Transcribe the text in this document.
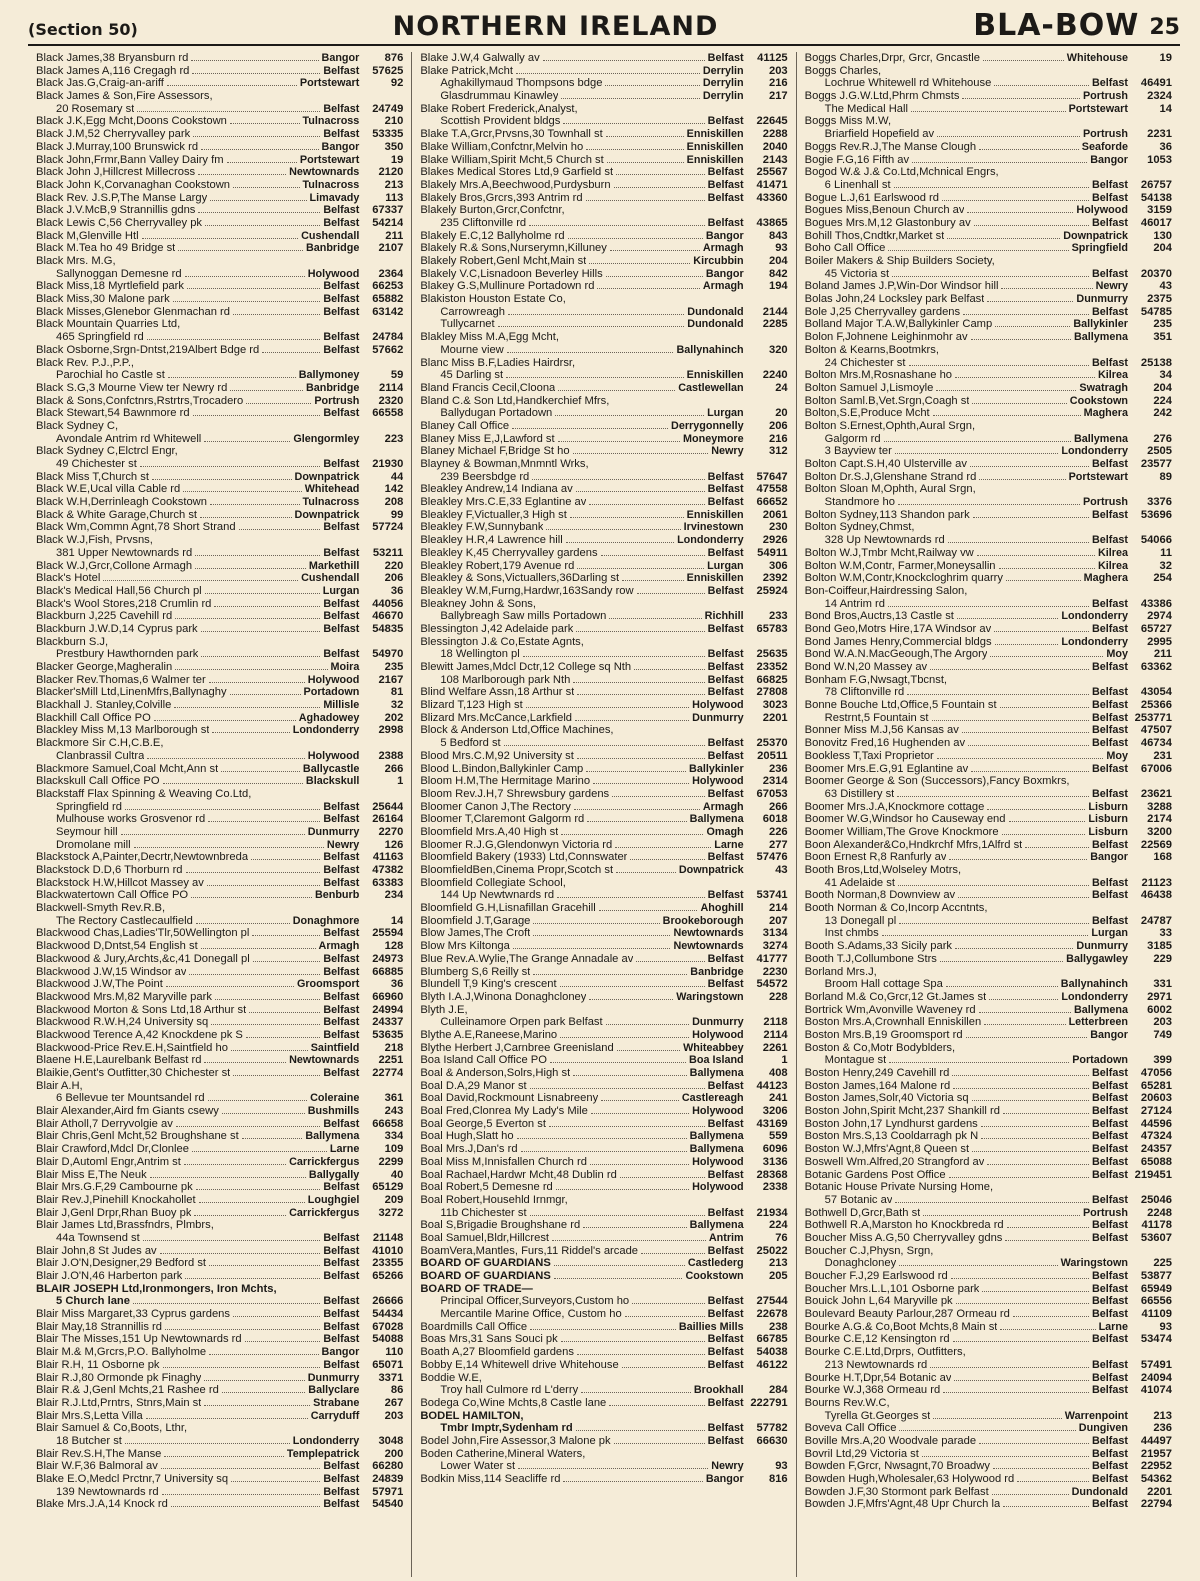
(Section 50)	NORTHERN IRELAND	BLA-BOW 25
Black James,38 Bryansburn rd	Bangor	876
Black James A,116 Cregagh rd	Belfast	57625
Black Jas.G,Craig-an-ariff	Portstewart	92
Black James & Son,Fire Assessors,
20 Rosemary st	Belfast	24749
Black J.K,Egg Mcht,Doons Cookstown	Tulnacross	210
Black J.M,52 Cherryvalley park	Belfast	53335
Black J.Murray,100 Brunswick rd	Bangor	350
Black John,Frmr,Bann Valley Dairy fm	Portstewart	19
Black John J,Hillcrest Millecross	Newtownards	2120
Black John K,Corvanaghan Cookstown	Tulnacross	213
Black Rev. J.S.P,The Manse Largy	Limavady	113
Black J.V.McB,9 Strannillis gdns	Belfast	67337
Black Lewis C,56 Cherryvalley pk	Belfast	54214
Black M,Glenville Htl	Cushendall	211
Black M.Tea ho 49 Bridge st	Banbridge	2107
Black Mrs. M.G,
Sallynoggan Demesne rd	Holywood	2364
Black Miss,18 Myrtlefield park	Belfast	66253
Black Miss,30 Malone park	Belfast	65882
Black Misses,Glenebor Glenmachan rd	Belfast	63142
Black Mountain Quarries Ltd,
465 Springfield rd	Belfast	24784
Black Osborne,Srgn-Dntst,219Albert Bdge rd	Belfast	57662
Black Rev. P.J.,P.P.,
Parochial ho Castle st	Ballymoney	59
Black S.G,3 Mourne View ter Newry rd	Banbridge	2114
Black & Sons,Confctnrs,Rstrtrs,Trocadero	Portrush	2320
Black Stewart,54 Bawnmore rd	Belfast	66558
Black Sydney C,
Avondale Antrim rd Whitewell	Glengormley	223
Black Sydney C,Elctrcl Engr,
49 Chichester st	Belfast	21930
Black Miss T,Church st	Downpatrick	44
Black W.E,Ucal villa Cable rd	Whitehead	142
Black W.H,Derrinleagh Cookstown	Tulnacross	208
Black & White Garage,Church st	Downpatrick	99
Black Wm,Commn Agnt,78 Short Strand	Belfast	57724
Black W.J,Fish, Prvsns,
381 Upper Newtownards rd	Belfast	53211
Black W.J,Grcr,Collone Armagh	Markethill	220
Black's Hotel	Cushendall	206
Black's Medical Hall,56 Church pl	Lurgan	36
Black's Wool Stores,218 Crumlin rd	Belfast	44056
Blackburn J,225 Cavehill rd	Belfast	46670
Blackburn J.W.D,14 Cyprus park	Belfast	54835
Blackburn S.J,
Prestbury Hawthornden park	Belfast	54970
Blacker George,Magheralin	Moira	235
Blacker Rev.Thomas,6 Walmer ter	Holywood	2167
Blacker'sMill Ltd,LinenMfrs,Ballynaghy	Portadown	81
Blackhall J. Stanley,Colville	Millisle	32
Blackhill Call Office PO	Aghadowey	202
Blackley Miss M,13 Marlborough st	Londonderry	2998
Blackmore Sir C.H,C.B.E,
Clanbrassil Cultra	Holywood	2388
Blackmore Samuel,Coal Mcht,Ann st	Ballycastle	266
Blackskull Call Office PO	Blackskull	1
Blackstaff Flax Spinning & Weaving Co.Ltd,
Springfield rd	Belfast	25644
Mulhouse works Grosvenor rd	Belfast	26164
Seymour hill	Dunmurry	2270
Dromolane mill	Newry	126
Blackstock A,Painter,Decrtr,Newtownbreda	Belfast	41163
Blackstock D.D,6 Thorburn rd	Belfast	47382
Blackstock H.W,Hillcot Massey av	Belfast	63383
Blackwatertown Call Office PO	Benburb	234
Blackwell-Smyth Rev.R.B,
The Rectory Castlecaulfield	Donaghmore	14
Blackwood Chas,Ladies'Tlr,50Wellington pl	Belfast	25594
Blackwood D,Dntst,54 English st	Armagh	128
Blackwood & Jury,Archts,&c,41 Donegall pl	Belfast	24973
Blackwood J.W,15 Windsor av	Belfast	66885
Blackwood J.W,The Point	Groomsport	36
Blackwood Mrs.M,82 Maryville park	Belfast	66960
Blackwood Morton & Sons Ltd,18 Arthur st	Belfast	24994
Blackwood R.W.H,24 University sq	Belfast	24337
Blackwood Terence A,42 Knockdene pk S	Belfast	53635
Blackwood-Price Rev.E.H,Saintfield ho	Saintfield	218
Blaene H.E,Laurelbank Belfast rd	Newtownards	2251
Blaikie,Gent's Outfitter,30 Chichester st	Belfast	22774
Blair A.H,
6 Bellevue ter Mountsandel rd	Coleraine	361
Blair Alexander,Aird fm Giants csewy	Bushmills	243
Blair Atholl,7 Derryvolgie av	Belfast	66658
Blair Chris,Genl Mcht,52 Broughshane st	Ballymena	334
Blair Crawford,Mdcl Dr,Clonlee	Larne	109
Blair D,Automl Engr,Antrim st	Carrickfergus	2299
Blair Miss E,The Neuk	Ballygally	40
Blair Mrs.G.F,29 Cambourne pk	Belfast	65129
Blair Rev.J,Pinehill Knockahollet	Loughgiel	209
Blair J,Genl Drpr,Rhan Buoy pk	Carrickfergus	3272
Blair James Ltd,Brassfndrs, Plmbrs,
44a Townsend st	Belfast	21148
Blair John,8 St Judes av	Belfast	41010
Blair J.O'N,Designer,29 Bedford st	Belfast	23355
Blair J.O'N,46 Harberton park	Belfast	65266
BLAIR JOSEPH Ltd,Ironmongers, Iron Mchts,
5 Church lane	Belfast	26666
Blair Miss Margaret,33 Cyprus gardens	Belfast	54434
Blair May,18 Strannillis rd	Belfast	67028
Blair The Misses,151 Up Newtownards rd	Belfast	54088
Blair M.& M,Grcrs,P.O. Ballyholme	Bangor	110
Blair R.H, 11 Osborne pk	Belfast	65071
Blair R.J,80 Ormonde pk Finaghy	Dunmurry	3371
Blair R.& J,Genl Mchts,21 Rashee rd	Ballyclare	86
Blair R.J.Ltd,Prntrs, Stnrs,Main st	Strabane	267
Blair Mrs.S,Letta Villa	Carryduff	203
Blair Samuel & Co,Boots, Lthr,
18 Butcher st	Londonderry	3048
Blair Rev.S.H,The Manse	Templepatrick	200
Blair W.F,36 Balmoral av	Belfast	66280
Blake E.O,Medcl Prctnr,7 University sq	Belfast	24839
139 Newtownards rd	Belfast	57971
Blake Mrs.J.A,14 Knock rd	Belfast	54540
Blake J.W,4 Galwally av	Belfast	41125
Blake Patrick,Mcht	Derrylin	203
Aghakillymaud Thompsons bdge	Derrylin	216
Glasdrummau Kinawley	Derrylin	217
Blake Robert Frederick,Analyst,
Scottish Provident bldgs	Belfast	22645
Blake T.A,Grcr,Prvsns,30 Townhall st	Enniskillen	2288
Blake William,Confctnr,Melvin ho	Enniskillen	2040
Blake William,Spirit Mcht,5 Church st	Enniskillen	2143
Blakes Medical Stores Ltd,9 Garfield st	Belfast	25567
Blakely Mrs.A,Beechwood,Purdysburn	Belfast	41471
Blakely Bros,Grcrs,393 Antrim rd	Belfast	43360
Blakely Burton,Grcr,Confctnr,
235 Cliftonville rd	Belfast	43865
Blakely E.C,12 Ballyholme rd	Bangor	843
Blakely R.& Sons,Nurserymn,Killuney	Armagh	93
Blakely Robert,Genl Mcht,Main st	Kircubbin	204
Blakely V.C,Lisnadoon Beverley Hills	Bangor	842
Blakey G.S,Mullinure Portadown rd	Armagh	194
Blakiston Houston Estate Co,
Carrowreagh	Dundonald	2144
Tullycarnet	Dundonald	2285
Blakley Miss M.A,Egg Mcht,
Mourne view	Ballynahinch	320
Blanc Miss B.F,Ladies Hairdrsr,
45 Darling st	Enniskillen	2240
Bland Francis Cecil,Cloona	Castlewellan	24
Bland C.& Son Ltd,Handkerchief Mfrs,
Ballydugan Portadown	Lurgan	20
Blaney Call Office	Derrygonnelly	206
Blaney Miss E,J,Lawford st	Moneymore	216
Blaney Michael F,Bridge St ho	Newry	312
Blayney & Bowman,Mnmntl Wrks,
239 Beersbdge rd	Belfast	57647
Bleakley Andrew,14 Indiana av	Belfast	47558
Bleakley Mrs.C.E,33 Eglantine av	Belfast	66652
Bleakley F,Victualler,3 High st	Enniskillen	2061
Bleakley F.W,Sunnybank	Irvinestown	230
Bleakley H.R,4 Lawrence hill	Londonderry	2926
Bleakley K,45 Cherryvalley gardens	Belfast	54911
Bleakley Robert,179 Avenue rd	Lurgan	306
Bleakley & Sons,Victuallers,36Darling st	Enniskillen	2392
Bleakley W.M,Furng,Hardwr,163Sandy row	Belfast	25924
Bleakney John & Sons,
Ballybreagh Saw mills Portadown	Richhill	233
Blessington J,42 Adelaide park	Belfast	65783
Blessington J.& Co,Estate Agnts,
18 Wellington pl	Belfast	25635
Blewitt James,Mdcl Dctr,12 College sq Nth	Belfast	23352
108 Marlborough park Nth	Belfast	66825
Blind Welfare Assn,18 Arthur st	Belfast	27808
Blizard T,123 High st	Holywood	3023
Blizard Mrs.McCance,Larkfield	Dunmurry	2201
Block & Anderson Ltd,Office Machines,
5 Bedford st	Belfast	25370
Blood Mrs.C.M,92 University st	Belfast	20511
Blood L.Bindon,Ballykinler Camp	Ballykinler	236
Bloom H.M,The Hermitage Marino	Holywood	2314
Bloom Rev.J.H,7 Shrewsbury gardens	Belfast	67053
Bloomer Canon J,The Rectory	Armagh	266
Bloomer T,Claremont Galgorm rd	Ballymena	6018
Bloomfield Mrs.A,40 High st	Omagh	226
Bloomer R.J.G,Glendonwyn Victoria rd	Larne	277
Bloomfield Bakery (1933) Ltd,Connswater	Belfast	57476
BloomfieldBen,Cinema Propr,Scotch st	Downpatrick	43
Bloomfield Collegiate School,
144 Up Newtwnards rd	Belfast	53741
Bloomfield G.H,Lisnafillan Gracehill	Ahoghill	214
Bloomfield J.T,Garage	Brookeborough	207
Blow James,The Croft	Newtownards	3134
Blow Mrs Kiltonga	Newtownards	3274
Blue Rev.A.Wylie,The Grange Annadale av	Belfast	41777
Blumberg S,6 Reilly st	Banbridge	2230
Blundell T,9 King's crescent	Belfast	54572
Blyth I.A.J,Winona Donaghcloney	Waringstown	228
Blyth J.E,
Culleinamore Orpen park Belfast	Dunmurry	2118
Blythe A.E,Raneese,Marino	Holywood	2114
Blythe Herbert J,Carnbree Greenisland	Whiteabbey	2261
Boa Island Call Office PO	Boa Island	1
Boal & Anderson,Solrs,High st	Ballymena	408
Boal D.A,29 Manor st	Belfast	44123
Boal David,Rockmount Lisnabreeny	Castlereagh	241
Boal Fred,Clonrea My Lady's Mile	Holywood	3206
Boal George,5 Everton st	Belfast	43169
Boal Hugh,Slatt ho	Ballymena	559
Boal Mrs.J,Dan's rd	Ballymena	6096
Boal Miss M,Innisfallen Church rd	Holywood	3136
Boal Rachael,Hardwr Mcht,48 Dublin rd	Belfast	28368
Boal Robert,5 Demesne rd	Holywood	2338
Boal Robert,Househld Irnmgr,
11b Chichester st	Belfast	21934
Boal S,Brigadie Broughshane rd	Ballymena	224
Boal Samuel,Bldr,Hillcrest	Antrim	76
BoamVera,Mantles, Furs,11 Riddel's arcade	Belfast	25022
BOARD OF GUARDIANS	Castlederg	213
BOARD OF GUARDIANS	Cookstown	205
BOARD OF TRADE—
Principal Officer,Surveyors,Custom ho	Belfast	27544
Mercantile Marine Office, Custom ho	Belfast	22678
Boardmills Call Office	Baillies Mills	238
Boas Mrs,31 Sans Souci pk	Belfast	66785
Boath A,27 Bloomfield gardens	Belfast	54038
Bobby E,14 Whitewell drive Whitehouse	Belfast	46122
Boddie W.E,
Troy hall Culmore rd L'derry	Brookhall	284
Bodega Co,Wine Mchts,8 Castle lane	Belfast 222791
BODEL HAMILTON,
Tmbr Imptr,Sydenham rd	Belfast	57782
Bodel John,Fire Assessor,3 Malone pk	Belfast	66630
Boden Catherine,Mineral Waters,
Lower Water st	Newry	93
Bodkin Miss,114 Seacliffe rd	Bangor	816
Boggs Charles,Drpr, Grcr, Gncastle	Whitehouse	19
Boggs Charles,
Lochrue Whitewell rd Whitehouse	Belfast	46491
Boggs J.G.W.Ltd,Phrm Chmsts	Portrush	2324
The Medical Hall	Portstewart	14
Boggs Miss M.W,
Briarfield Hopefield av	Portrush	2231
Boggs Rev.R.J,The Manse Clough	Seaforde	36
Bogie F.G,16 Fifth av	Bangor	1053
Bogod W.& J.& Co.Ltd,Mchnical Engrs,
6 Linenhall st	Belfast	26757
Bogue L.J,61 Earlswood rd	Belfast	54138
Bogues Miss,Benoun Church av	Holywood	3159
Bogues Mrs.M,12 Glastonbury av	Belfast	46017
Bohill Thos,Cndtkr,Market st	Downpatrick	130
Boho Call Office	Springfield	204
Boiler Makers & Ship Builders Society,
45 Victoria st	Belfast	20370
Boland James J.P,Win-Dor Windsor hill	Newry	43
Bolas John,24 Locksley park Belfast	Dunmurry	2375
Bole J,25 Cherryvalley gardens	Belfast	54785
Bolland Major T.A.W,Ballykinler Camp	Ballykinler	235
Bolon F,Johnene Leighinmohr av	Ballymena	351
Bolton & Kearns,Bootmkrs,
24 Chichester st	Belfast	25138
Bolton Mrs.M,Rosnashane ho	Kilrea	34
Bolton Samuel J,Lismoyle	Swatragh	204
Bolton Saml.B,Vet.Srgn,Coagh st	Cookstown	224
Bolton,S.E,Produce Mcht	Maghera	242
Bolton S.Ernest,Ophth,Aural Srgn,
Galgorm rd	Ballymena	276
3 Bayview ter	Londonderry	2505
Bolton Capt.S.H,40 Ulsterville av	Belfast	23577
Bolton Dr.S.J,Glenshane Strand rd	Portstewart	89
Bolton Sloan M,Ophth, Aural Srgn,
Standmore ho	Portrush	3376
Bolton Sydney,113 Shandon park	Belfast	53696
Bolton Sydney,Chmst,
328 Up Newtownards rd	Belfast	54066
Bolton W.J,Tmbr Mcht,Railway vw	Kilrea	11
Bolton W.M,Contr, Farmer,Moneysallin	Kilrea	32
Bolton W.M,Contr,Knockcloghrim quarry	Maghera	254
Bon-Coiffeur,Hairdressing Salon,
14 Antrim rd	Belfast	43386
Bond Bros,Auctrs,13 Castle st	Londonderry	2974
Bond Geo,Motrs Hire,17A Windsor av	Belfast	65727
Bond James Henry,Commercial bldgs	Londonderry	2995
Bond W.A.N.MacGeough,The Argory	Moy	211
Bond W.N,20 Massey av	Belfast	63362
Bonham F.G,Nwsagt,Tbcnst,
78 Cliftonville rd	Belfast	43054
Bonne Bouche Ltd,Office,5 Fountain st	Belfast	25366
Restrnt,5 Fountain st	Belfast 253771
Bonner Miss M.J,56 Kansas av	Belfast	47507
Bonovitz Fred,16 Hughenden av	Belfast	46734
Bookless T,Taxi Proprietor	Moy	231
Boomer Mrs.E.G,91 Eglantine av	Belfast	67006
Boomer George & Son (Successors),Fancy Boxmkrs,
63 Distillery st	Belfast	23621
Boomer Mrs.J.A,Knockmore cottage	Lisburn	3288
Boomer W.G,Windsor ho Causeway end	Lisburn	2174
Boomer William,The Grove Knockmore	Lisburn	3200
Boon Alexander&Co,Hndkrchf Mfrs,1Alfrd st	Belfast	22569
Boon Ernest R,8 Ranfurly av	Bangor	168
Booth Bros,Ltd,Wolseley Motrs,
41 Adelaide st	Belfast	21123
Booth Norman,8 Downview av	Belfast	46438
Booth Norman & Co,Incorp Accntnts,
13 Donegall pl	Belfast	24787
Inst chmbs	Lurgan	33
Booth S.Adams,33 Sicily park	Dunmurry	3185
Booth T.J,Collumbone Strs	Ballygawley	229
Borland Mrs.J,
Broom Hall cottage Spa	Ballynahinch	331
Borland M.& Co,Grcr,12 Gt.James st	Londonderry	2971
Bortrick Wm,Avonville Waveney rd	Ballymena	6002
Boston Mrs.A,Crownhall Enniskillen	Letterbreen	203
Boston Mrs.B,19 Groomsport rd	Bangor	749
Boston & Co,Motr Bodyblders,
Montague st	Portadown	399
Boston Henry,249 Cavehill rd	Belfast	47056
Boston James,164 Malone rd	Belfast	65281
Boston James,Solr,40 Victoria sq	Belfast	20603
Boston John,Spirit Mcht,237 Shankill rd	Belfast	27124
Boston John,17 Lyndhurst gardens	Belfast	44596
Boston Mrs.S,13 Cooldarragh pk N	Belfast	47324
Boston W.J,Mfrs'Agnt,8 Queen st	Belfast	24357
Boswell Wm.Alfred,20 Strangford av	Belfast	65088
Botanic Gardens Post Office	Belfast 219451
Botanic House Private Nursing Home,
57 Botanic av	Belfast	25046
Bothwell D,Grcr,Bath st	Portrush	2248
Bothwell R.A,Marston ho Knockbreda rd	Belfast	41178
Boucher Miss A.G,50 Cherryvalley gdns	Belfast	53607
Boucher C.J,Physn, Srgn,
Donaghcloney	Waringstown	225
Boucher F.J,29 Earlswood rd	Belfast	53877
Boucher Mrs.L.L,101 Osborne park	Belfast	65949
Bouick John L,64 Maryville pk	Belfast	66556
Boulevard Beauty Parlour,287 Ormeau rd	Belfast	41109
Bourke A.G.& Co,Boot Mchts,8 Main st	Larne	93
Bourke C.E,12 Kensington rd	Belfast	53474
Bourke C.E.Ltd,Drprs, Outfitters,
213 Newtownards rd	Belfast	57491
Bourke H.T,Dpr,54 Botanic av	Belfast	24094
Bourke W.J,368 Ormeau rd	Belfast	41074
Bourns Rev.W.C,
Tyrella Gt.Georges st	Warrenpoint	213
Boveva Call Office	Dungiven	236
Boville Mrs.A,20 Woodvale parade	Belfast	44497
Bovril Ltd,29 Victoria st	Belfast	21957
Bowden F,Grcr, Nwsagnt,70 Broadwy	Belfast	22952
Bowden Hugh,Wholesaler,63 Holywood rd	Belfast	54362
Bowden J.F,30 Stormont park Belfast	Dundonald	2201
Bowden J.F,Mfrs'Agnt,48 Upr Church la	Belfast	22794
